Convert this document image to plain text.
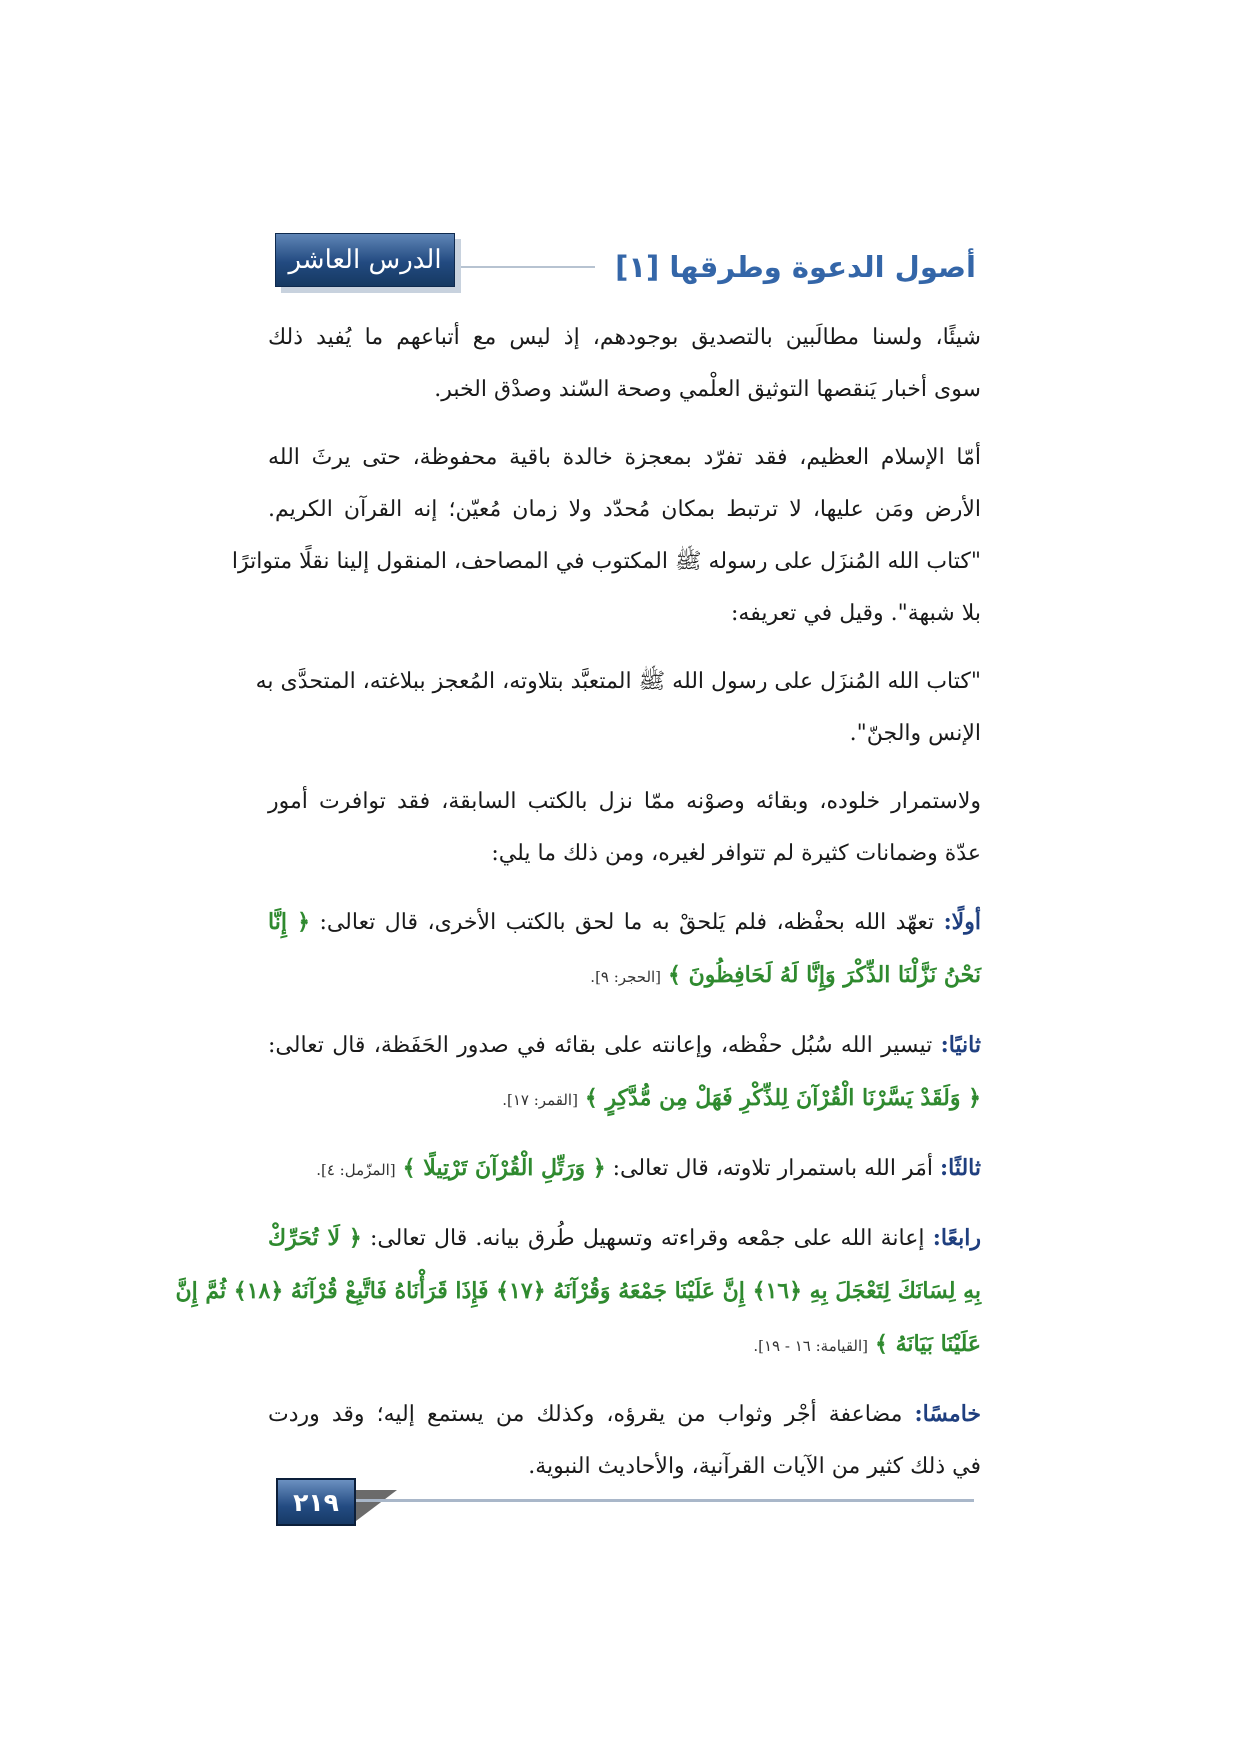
أصول الدعوة وطرقها [١]
الدرس العاشر
شيئًا، ولسنا مطالَبين بالتصديق بوجودهم، إذ ليس مع أتباعهم ما يُفيد ذلك
سوى أخبار يَنقصها التوثيق العلْمي وصحة السّند وصدْق الخبر.
أمّا الإسلام العظيم، فقد تفرّد بمعجزة خالدة باقية محفوظة، حتى يرثَ الله
الأرض ومَن عليها، لا ترتبط بمكان مُحدّد ولا زمان مُعيّن؛ إنه القرآن الكريم.
"كتاب الله المُنزَل على رسوله ﷺ المكتوب في المصاحف، المنقول إلينا نقلًا متواترًا
بلا شبهة". وقيل في تعريفه:
"كتاب الله المُنزَل على رسول الله ﷺ المتعبَّد بتلاوته، المُعجز ببلاغته، المتحدَّى به
الإنس والجنّ".
ولاستمرار خلوده، وبقائه وصوْنه ممّا نزل بالكتب السابقة، فقد توافرت أمور
عدّة وضمانات كثيرة لم تتوافر لغيره، ومن ذلك ما يلي:
أولًا: تعهّد الله بحفْظه، فلم يَلحقْ به ما لحق بالكتب الأخرى، قال تعالى: ﴿ إِنَّا
نَحْنُ نَزَّلْنَا الذِّكْرَ وَإِنَّا لَهُ لَحَافِظُونَ ﴾ [الحجر: ٩].
ثانيًا: تيسير الله سُبُل حفْظه، وإعانته على بقائه في صدور الحَفَظة، قال تعالى:
﴿ وَلَقَدْ يَسَّرْنَا الْقُرْآنَ لِلذِّكْرِ فَهَلْ مِن مُّدَّكِرٍ ﴾ [القمر: ١٧].
ثالثًا: أمَر الله باستمرار تلاوته، قال تعالى: ﴿ وَرَتِّلِ الْقُرْآنَ تَرْتِيلًا ﴾ [المزّمل: ٤].
رابعًا: إعانة الله على جمْعه وقراءته وتسهيل طُرق بيانه. قال تعالى: ﴿ لَا تُحَرِّكْ
بِهِ لِسَانَكَ لِتَعْجَلَ بِهِ ﴿١٦﴾ إِنَّ عَلَيْنَا جَمْعَهُ وَقُرْآنَهُ ﴿١٧﴾ فَإِذَا قَرَأْنَاهُ فَاتَّبِعْ قُرْآنَهُ ﴿١٨﴾ ثُمَّ إِنَّ
عَلَيْنَا بَيَانَهُ ﴾ [القيامة: ١٦ - ١٩].
خامسًا: مضاعفة أجْر وثواب من يقرؤه، وكذلك من يستمع إليه؛ وقد وردت
في ذلك كثير من الآيات القرآنية، والأحاديث النبوية.
٢١٩
